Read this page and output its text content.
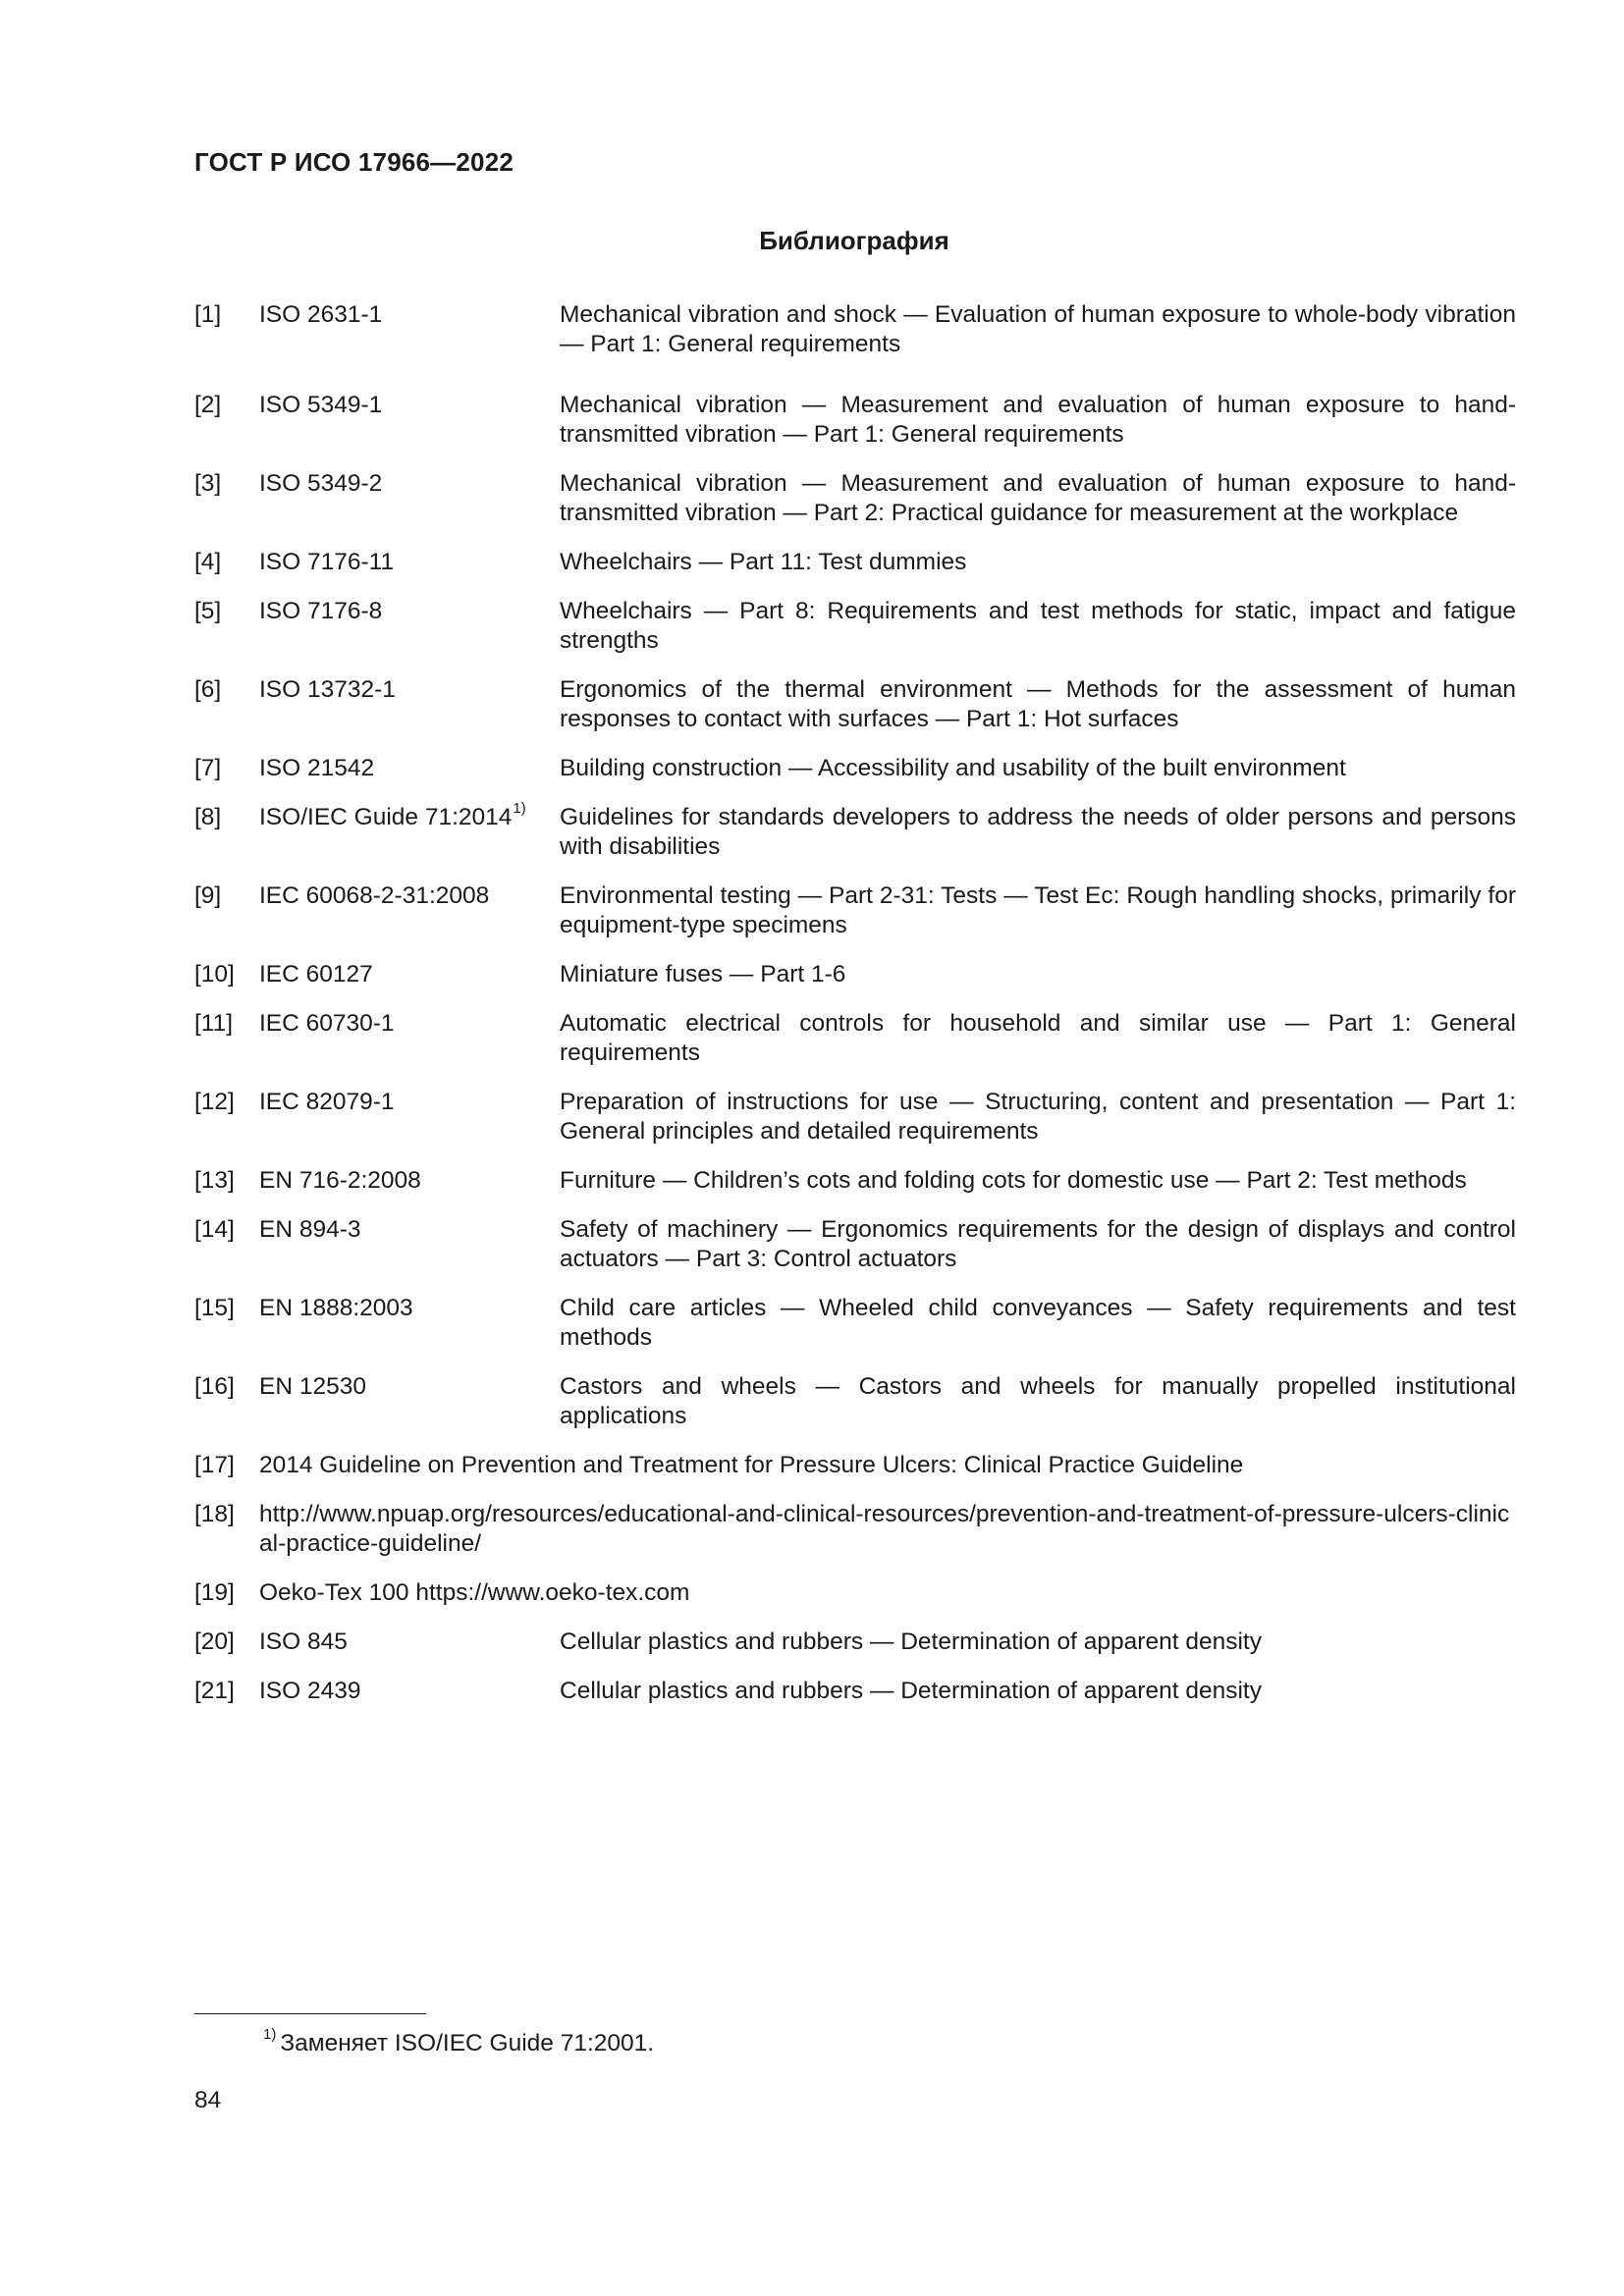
ГОСТ Р ИСО 17966—2022
Библиография
[1]	ISO 2631-1	Mechanical vibration and shock — Evaluation of human exposure to whole-body vibration — Part 1: General requirements
[2]	ISO 5349-1	Mechanical vibration — Measurement and evaluation of human exposure to hand-transmitted vibration — Part 1: General requirements
[3]	ISO 5349-2	Mechanical vibration — Measurement and evaluation of human exposure to hand-transmitted vibration — Part 2: Practical guidance for measurement at the workplace
[4]	ISO 7176-11	Wheelchairs — Part 11: Test dummies
[5]	ISO 7176-8	Wheelchairs — Part 8: Requirements and test methods for static, impact and fatigue strengths
[6]	ISO 13732-1	Ergonomics of the thermal environment — Methods for the assessment of human responses to contact with surfaces — Part 1: Hot surfaces
[7]	ISO 21542	Building construction — Accessibility and usability of the built environment
[8]	ISO/IEC Guide 71:2014$^{1)}$	Guidelines for standards developers to address the needs of older persons and persons with disabilities
[9]	IEC 60068-2-31:2008	Environmental testing — Part 2-31: Tests — Test Ec: Rough handling shocks, primarily for equipment-type specimens
[10]	IEC 60127	Miniature fuses — Part 1-6
[11]	IEC 60730-1	Automatic electrical controls for household and similar use — Part 1: General requirements
[12]	IEC 82079-1	Preparation of instructions for use — Structuring, content and presentation — Part 1: General principles and detailed requirements
[13]	EN 716-2:2008	Furniture — Children’s cots and folding cots for domestic use — Part 2: Test methods
[14]	EN 894-3	Safety of machinery — Ergonomics requirements for the design of displays and control actuators — Part 3: Control actuators
[15]	EN 1888:2003	Child care articles — Wheeled child conveyances — Safety requirements and test methods
[16]	EN 12530	Castors and wheels — Castors and wheels for manually propelled institutional applications
[17]	2014 Guideline on Prevention and Treatment for Pressure Ulcers: Clinical Practice Guideline
[18]	http://www.npuap.org/resources/educational-and-clinical-resources/prevention-and-treatment-of-pressure-ulcers-clinical-practice-guideline/
[19]	Oeko-Tex 100 https://www.oeko-tex.com
[20]	ISO 845	Cellular plastics and rubbers — Determination of apparent density
[21]	ISO 2439	Cellular plastics and rubbers — Determination of apparent density
$^{1)}$ Заменяет ISO/IEC Guide 71:2001.
84
